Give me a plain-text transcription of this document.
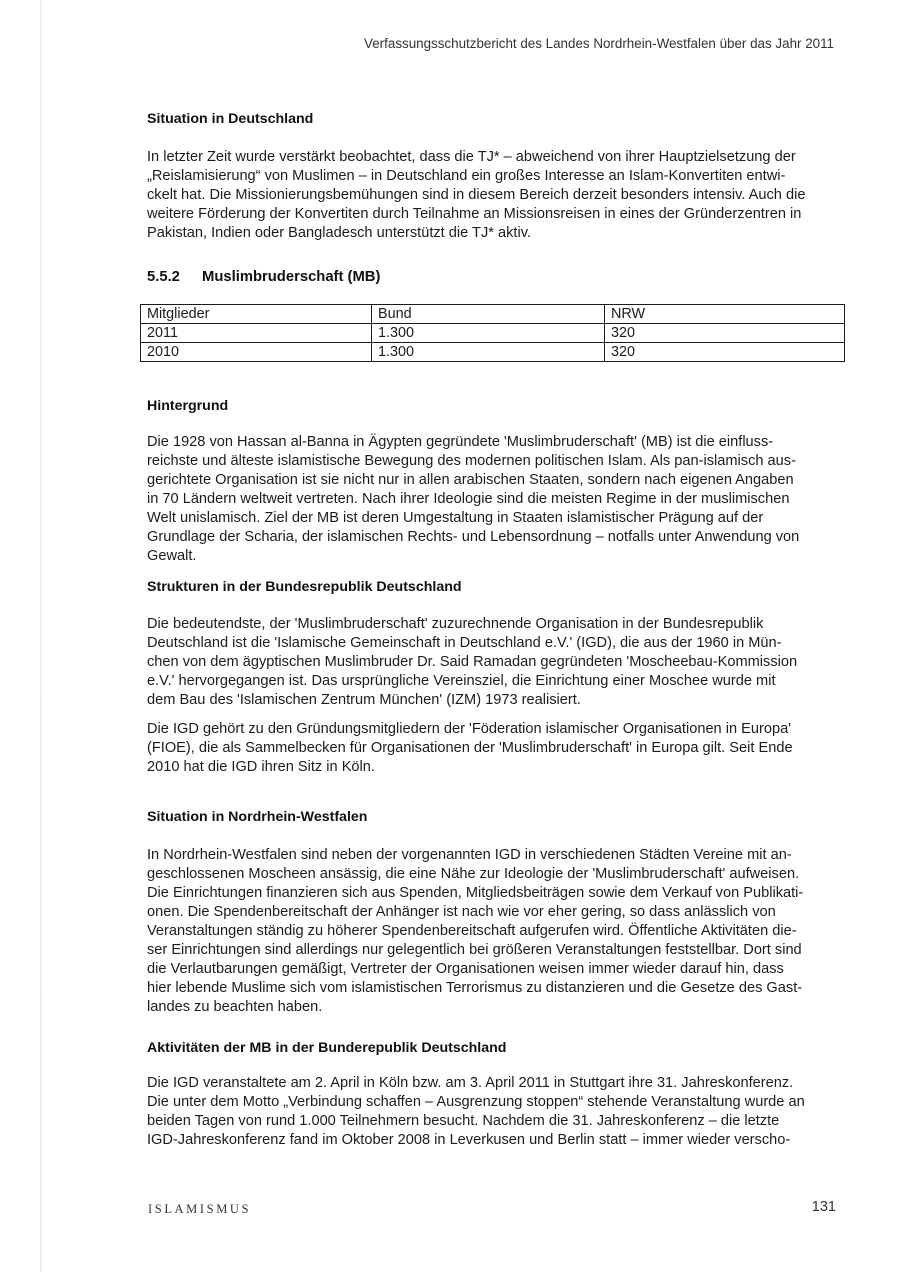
Verfassungsschutzbericht des Landes Nordrhein-Westfalen über das Jahr 2011
Situation in Deutschland

In letzter Zeit wurde verstärkt beobachtet, dass die TJ* – abweichend von ihrer Hauptzielsetzung der
„Reislamisierung“ von Muslimen – in Deutschland ein großes Interesse an Islam-Konvertiten entwi-
ckelt hat. Die Missionierungsbemühungen sind in diesem Bereich derzeit besonders intensiv. Auch die
weitere Förderung der Konvertiten durch Teilnahme an Missionsreisen in eines der Gründerzentren in
Pakistan, Indien oder Bangladesch unterstützt die TJ* aktiv.

5.5.2 Muslimbruderschaft (MB)
Mitglieder	Bund	NRW
2011	1.300	320
2010	1.300	320
Hintergrund

Die 1928 von Hassan al-Banna in Ägypten gegründete 'Muslimbruderschaft' (MB) ist die einfluss-
reichste und älteste islamistische Bewegung des modernen politischen Islam. Als pan-islamisch aus-
gerichtete Organisation ist sie nicht nur in allen arabischen Staaten, sondern nach eigenen Angaben
in 70 Ländern weltweit vertreten. Nach ihrer Ideologie sind die meisten Regime in der muslimischen
Welt unislamisch. Ziel der MB ist deren Umgestaltung in Staaten islamistischer Prägung auf der
Grundlage der Scharia, der islamischen Rechts- und Lebensordnung – notfalls unter Anwendung von
Gewalt.

Strukturen in der Bundesrepublik Deutschland

Die bedeutendste, der 'Muslimbruderschaft' zuzurechnende Organisation in der Bundesrepublik
Deutschland ist die 'Islamische Gemeinschaft in Deutschland e.V.' (IGD), die aus der 1960 in Mün-
chen von dem ägyptischen Muslimbruder Dr. Said Ramadan gegründeten 'Moscheebau-Kommission
e.V.' hervorgegangen ist. Das ursprüngliche Vereinsziel, die Einrichtung einer Moschee wurde mit
dem Bau des 'Islamischen Zentrum München' (IZM) 1973 realisiert.

Die IGD gehört zu den Gründungsmitgliedern der 'Föderation islamischer Organisationen in Europa'
(FIOE), die als Sammelbecken für Organisationen der 'Muslimbruderschaft' in Europa gilt. Seit Ende
2010 hat die IGD ihren Sitz in Köln.

Situation in Nordrhein-Westfalen

In Nordrhein-Westfalen sind neben der vorgenannten IGD in verschiedenen Städten Vereine mit an-
geschlossenen Moscheen ansässig, die eine Nähe zur Ideologie der 'Muslimbruderschaft' aufweisen.
Die Einrichtungen finanzieren sich aus Spenden, Mitgliedsbeiträgen sowie dem Verkauf von Publikati-
onen. Die Spendenbereitschaft der Anhänger ist nach wie vor eher gering, so dass anlässlich von
Veranstaltungen ständig zu höherer Spendenbereitschaft aufgerufen wird. Öffentliche Aktivitäten die-
ser Einrichtungen sind allerdings nur gelegentlich bei größeren Veranstaltungen feststellbar. Dort sind
die Verlautbarungen gemäßigt, Vertreter der Organisationen weisen immer wieder darauf hin, dass
hier lebende Muslime sich vom islamistischen Terrorismus zu distanzieren und die Gesetze des Gast-
landes zu beachten haben.

Aktivitäten der MB in der Bunderepublik Deutschland

Die IGD veranstaltete am 2. April in Köln bzw. am 3. April 2011 in Stuttgart ihre 31. Jahreskonferenz.
Die unter dem Motto „Verbindung schaffen – Ausgrenzung stoppen“ stehende Veranstaltung wurde an
beiden Tagen von rund 1.000 Teilnehmern besucht. Nachdem die 31. Jahreskonferenz – die letzte
IGD-Jahreskonferenz fand im Oktober 2008 in Leverkusen und Berlin statt – immer wieder verscho-

ISLAMISMUS	131
